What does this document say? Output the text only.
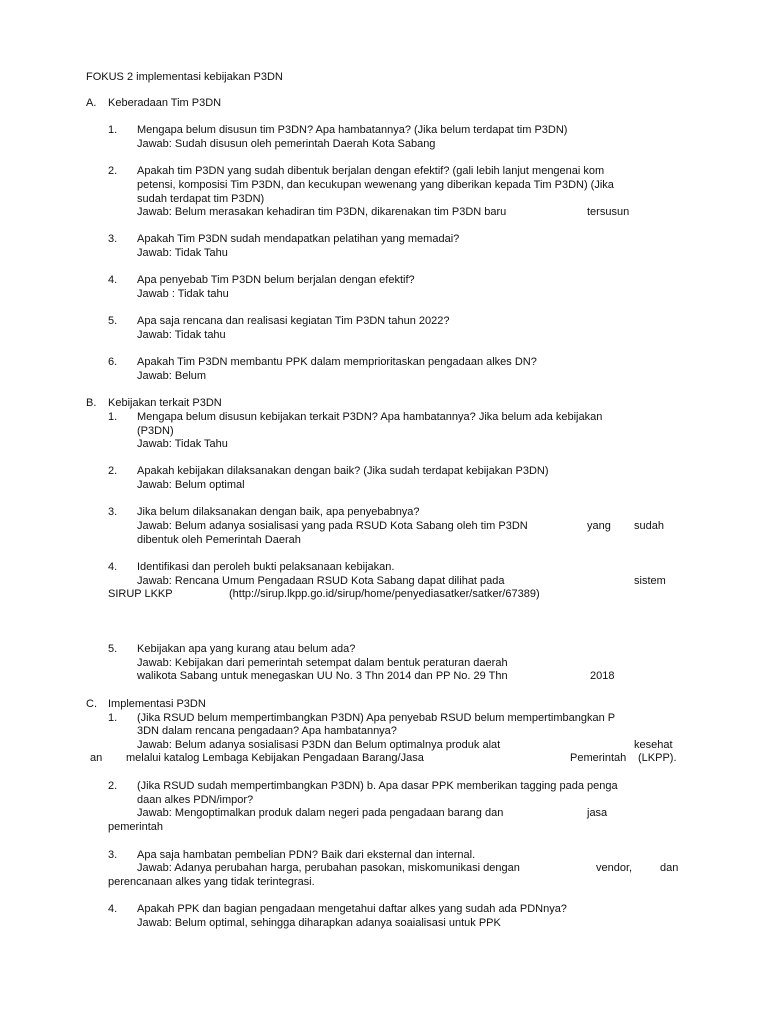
FOKUS 2 implementasi kebijakan P3DN
A. Keberadaan Tim P3DN
1. Mengapa belum disusun tim P3DN? Apa hambatannya? (Jika belum terdapat tim P3DN)
Jawab: Sudah disusun oleh pemerintah Daerah Kota Sabang
2. Apakah tim P3DN yang sudah dibentuk berjalan dengan efektif? (gali lebih lanjut mengenai kom
petensi, komposisi Tim P3DN, dan kecukupan wewenang yang diberikan kepada Tim P3DN) (Jika
sudah terdapat tim P3DN)
Jawab: Belum merasakan kehadiran tim P3DN, dikarenakan tim P3DN baru	tersusun
3. Apakah Tim P3DN sudah mendapatkan pelatihan yang memadai?
Jawab: Tidak Tahu
4. Apa penyebab Tim P3DN belum berjalan dengan efektif?
Jawab : Tidak tahu
5. Apa saja rencana dan realisasi kegiatan Tim P3DN tahun 2022?
Jawab: Tidak tahu
6. Apakah Tim P3DN membantu PPK dalam memprioritaskan pengadaan alkes DN?
Jawab: Belum
B. Kebijakan terkait P3DN
1. Mengapa belum disusun kebijakan terkait P3DN? Apa hambatannya? Jika belum ada kebijakan
(P3DN)
Jawab: Tidak Tahu
2. Apakah kebijakan dilaksanakan dengan baik? (Jika sudah terdapat kebijakan P3DN)
Jawab: Belum optimal
3. Jika belum dilaksanakan dengan baik, apa penyebabnya?
Jawab: Belum adanya sosialisasi yang pada RSUD Kota Sabang oleh tim P3DN	yang sudah
dibentuk oleh Pemerintah Daerah
4. Identifikasi dan peroleh bukti pelaksanaan kebijakan.
Jawab: Rencana Umum Pengadaan RSUD Kota Sabang dapat dilihat pada	sistem
SIRUP LKKP	(http://sirup.lkpp.go.id/sirup/home/penyediasatker/satker/67389)
5. Kebijakan apa yang kurang atau belum ada?
Jawab: Kebijakan dari pemerintah setempat dalam bentuk peraturan daerah
walikota Sabang untuk menegaskan UU No. 3 Thn 2014 dan PP No. 29 Thn	2018
C. Implementasi P3DN
1. (Jika RSUD belum mempertimbangkan P3DN) Apa penyebab RSUD belum mempertimbangkan P
3DN dalam rencana pengadaan? Apa hambatannya?
Jawab: Belum adanya sosialisasi P3DN dan Belum optimalnya produk alat	kesehat
an melalui katalog Lembaga Kebijakan Pengadaan Barang/Jasa	Pemerintah (LKPP).
2. (Jika RSUD sudah mempertimbangkan P3DN) b. Apa dasar PPK memberikan tagging pada penga
daan alkes PDN/impor?
Jawab: Mengoptimalkan produk dalam negeri pada pengadaan barang dan	jasa
pemerintah
3. Apa saja hambatan pembelian PDN? Baik dari eksternal dan internal.
Jawab: Adanya perubahan harga, perubahan pasokan, miskomunikasi dengan	vendor,	dan
perencanaan alkes yang tidak terintegrasi.
4. Apakah PPK dan bagian pengadaan mengetahui daftar alkes yang sudah ada PDNnya?
Jawab: Belum optimal, sehingga diharapkan adanya soaialisasi untuk PPK
